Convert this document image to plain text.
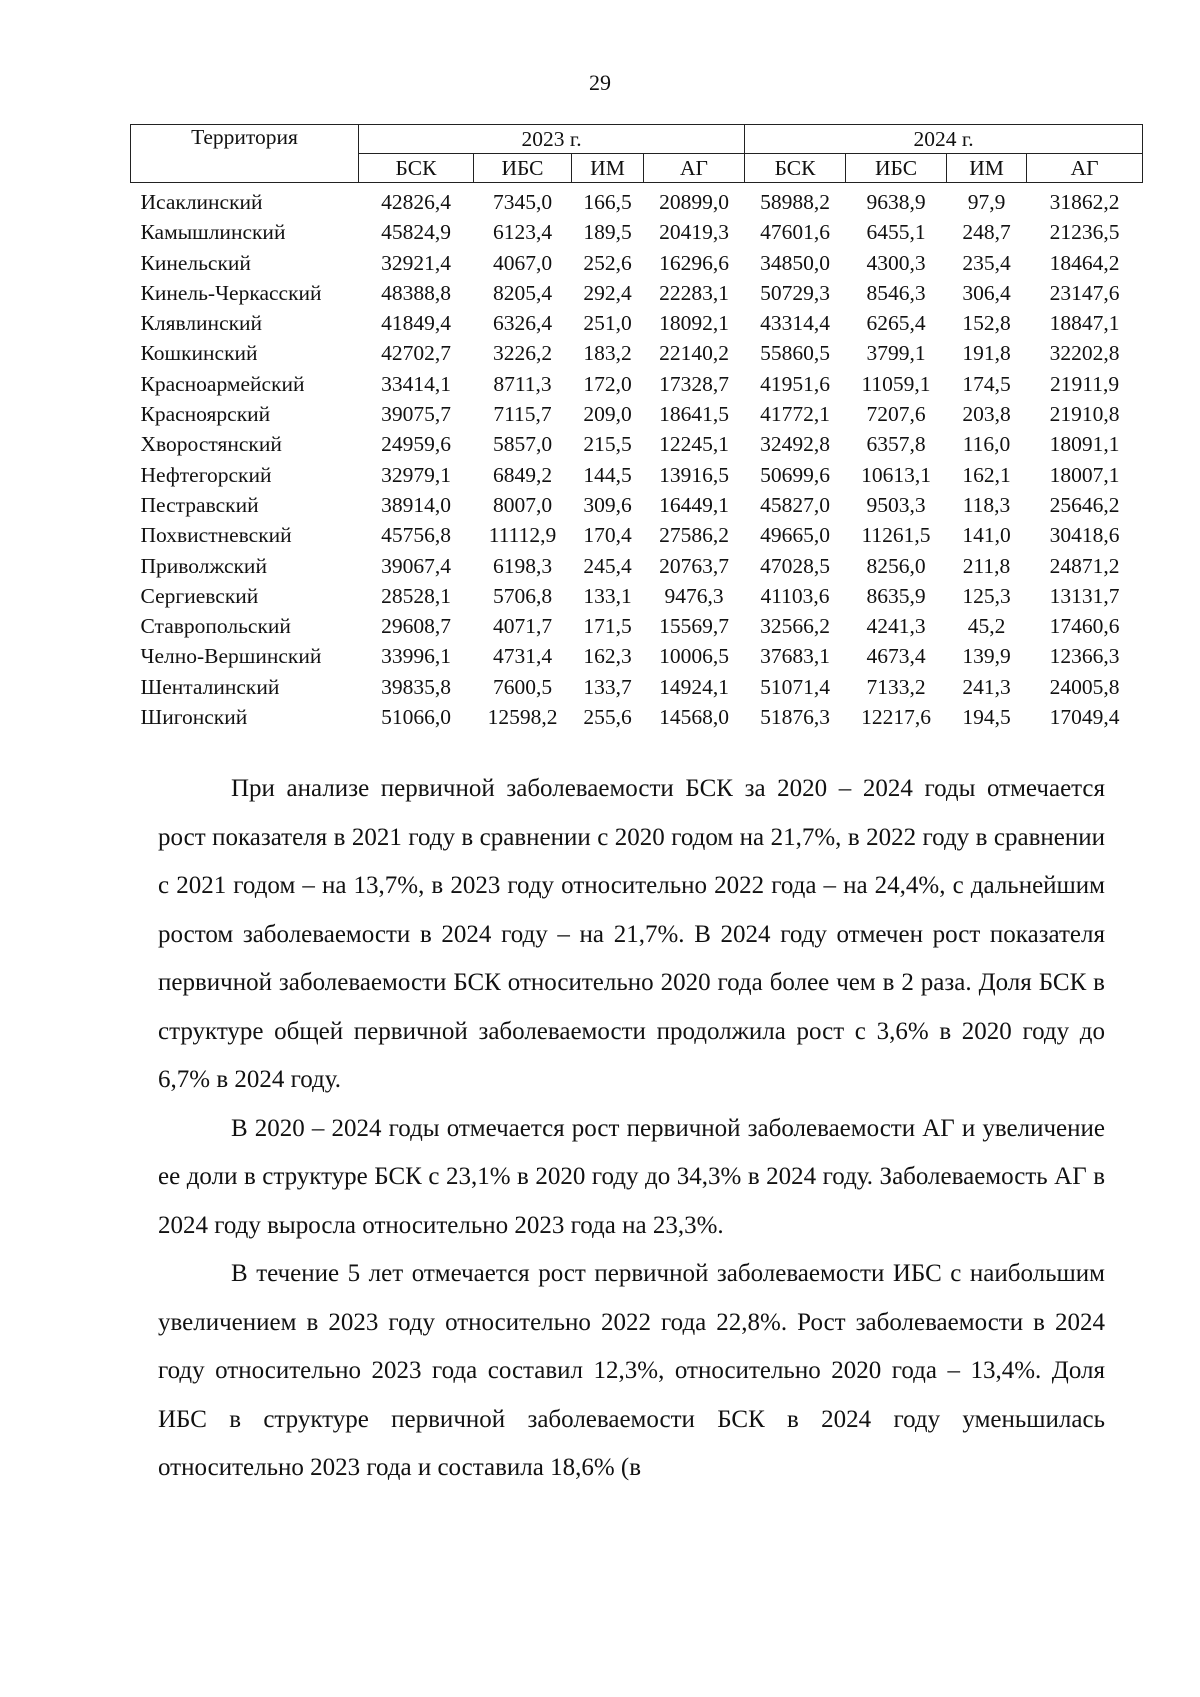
29
Территория	2023 г.				2024 г.			
	БСК	ИБС	ИМ	АГ	БСК	ИБС	ИМ	АГ
Исаклинский	42826,4	7345,0	166,5	20899,0	58988,2	9638,9	97,9	31862,2
Камышлинский	45824,9	6123,4	189,5	20419,3	47601,6	6455,1	248,7	21236,5
Кинельский	32921,4	4067,0	252,6	16296,6	34850,0	4300,3	235,4	18464,2
Кинель-Черкасский	48388,8	8205,4	292,4	22283,1	50729,3	8546,3	306,4	23147,6
Клявлинский	41849,4	6326,4	251,0	18092,1	43314,4	6265,4	152,8	18847,1
Кошкинский	42702,7	3226,2	183,2	22140,2	55860,5	3799,1	191,8	32202,8
Красноармейский	33414,1	8711,3	172,0	17328,7	41951,6	11059,1	174,5	21911,9
Красноярский	39075,7	7115,7	209,0	18641,5	41772,1	7207,6	203,8	21910,8
Хворостянский	24959,6	5857,0	215,5	12245,1	32492,8	6357,8	116,0	18091,1
Нефтегорский	32979,1	6849,2	144,5	13916,5	50699,6	10613,1	162,1	18007,1
Пестравский	38914,0	8007,0	309,6	16449,1	45827,0	9503,3	118,3	25646,2
Похвистневский	45756,8	11112,9	170,4	27586,2	49665,0	11261,5	141,0	30418,6
Приволжский	39067,4	6198,3	245,4	20763,7	47028,5	8256,0	211,8	24871,2
Сергиевский	28528,1	5706,8	133,1	9476,3	41103,6	8635,9	125,3	13131,7
Ставропольский	29608,7	4071,7	171,5	15569,7	32566,2	4241,3	45,2	17460,6
Челно-Вершинский	33996,1	4731,4	162,3	10006,5	37683,1	4673,4	139,9	12366,3
Шенталинский	39835,8	7600,5	133,7	14924,1	51071,4	7133,2	241,3	24005,8
Шигонский	51066,0	12598,2	255,6	14568,0	51876,3	12217,6	194,5	17049,4

При анализе первичной заболеваемости БСК за 2020 – 2024 годы отмечается рост показателя в 2021 году в сравнении с 2020 годом на 21,7%, в 2022 году в сравнении с 2021 годом – на 13,7%, в 2023 году относительно 2022 года – на 24,4%, с дальнейшим ростом заболеваемости в 2024 году – на 21,7%. В 2024 году отмечен рост показателя первичной заболеваемости БСК относительно 2020 года более чем в 2 раза. Доля БСК в структуре общей первичной заболеваемости продолжила рост с 3,6% в 2020 году до 6,7% в 2024 году.

В 2020 – 2024 годы отмечается рост первичной заболеваемости АГ и увеличение ее доли в структуре БСК с 23,1% в 2020 году до 34,3% в 2024 году. Заболеваемость АГ в 2024 году выросла относительно 2023 года на 23,3%.

В течение 5 лет отмечается рост первичной заболеваемости ИБС с наибольшим увеличением в 2023 году относительно 2022 года 22,8%. Рост заболеваемости в 2024 году относительно 2023 года составил 12,3%, относительно 2020 года – 13,4%. Доля ИБС в структуре первичной заболеваемости БСК в 2024 году уменьшилась относительно 2023 года и составила 18,6% (в
